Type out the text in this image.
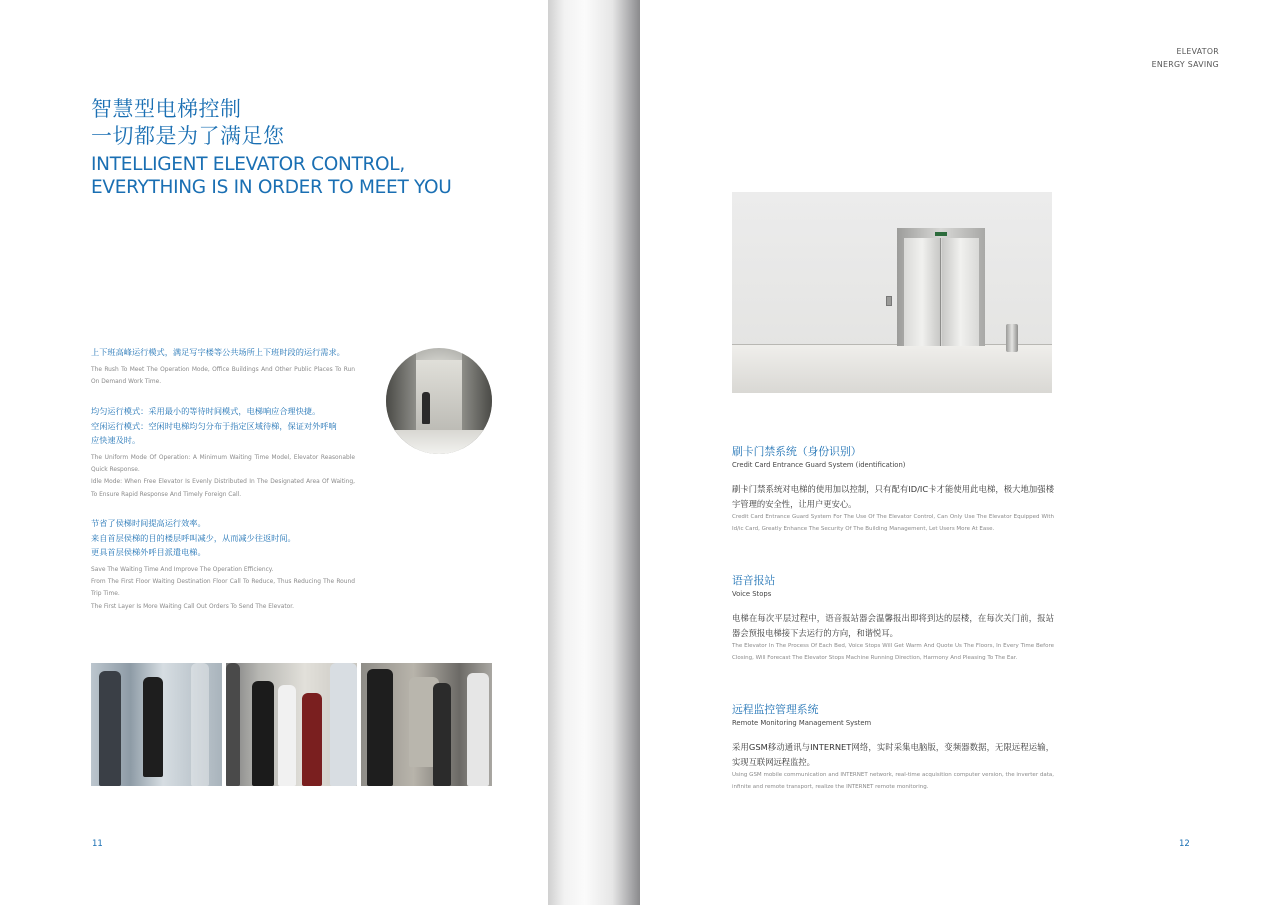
智慧型电梯控制
一切都是为了满足您
INTELLIGENT ELEVATOR CONTROL,
EVERYTHING IS IN ORDER TO MEET YOU
上下班高峰运行模式，满足写字楼等公共场所上下班时段的运行需求。
The Rush To Meet The Operation Mode, Office Buildings And Other Public Places To Run On Demand Work Time.
均匀运行模式：采用最小的等待时间模式，电梯响应合理快捷。
空闲运行模式：空闲时电梯均匀分布于指定区域待梯，保证对外呼响
应快速及时。
The Uniform Mode Of Operation: A Minimum Waiting Time Model, Elevator Reasonable Quick Response.
Idle Mode: When Free Elevator Is Evenly Distributed In The Designated Area Of Waiting, To Ensure Rapid Response And Timely Foreign Call.
节省了侯梯时间提高运行效率。
来自首层侯梯的目的楼层呼叫减少，从而减少往返时间。
更具首层侯梯外呼目派遣电梯。
Save The Waiting Time And Improve The Operation Efficiency.
From The First Floor Waiting Destination Floor Call To Reduce, Thus Reducing The Round Trip Time.
The First Layer Is More Waiting Call Out Orders To Send The Elevator.
11
ELEVATOR
ENERGY SAVING
刷卡门禁系统（身份识别）
Credit Card Entrance Guard System (identification)
刷卡门禁系统对电梯的使用加以控制，只有配有ID/IC卡才能使用此电梯，极大地加强楼宇管理的安全性，让用户更安心。
Credit Card Entrance Guard System For The Use Of The Elevator Control, Can Only Use The Elevator Equipped With Id/ic Card, Greatly Enhance The Security Of The Building Management, Let Users More At Ease.
语音报站
Voice Stops
电梯在每次平层过程中，语音报站器会温馨报出即将到达的层楼，在每次关门前，报站器会预报电梯接下去运行的方向，和谐悦耳。
The Elevator In The Process Of Each Bed, Voice Stops Will Get Warm And Quote Us The Floors, In Every Time Before Closing, Will Forecast The Elevator Stops Machine Running Direction, Harmony And Pleasing To The Ear.
远程监控管理系统
Remote Monitoring Management System
采用GSM移动通讯与INTERNET网络，实时采集电脑版，变频器数据，无限远程运输，实现互联网远程监控。
Using GSM mobile communication and INTERNET network, real-time acquisition computer version, the inverter data, infinite and remote transport, realize the INTERNET remote monitoring.
12
